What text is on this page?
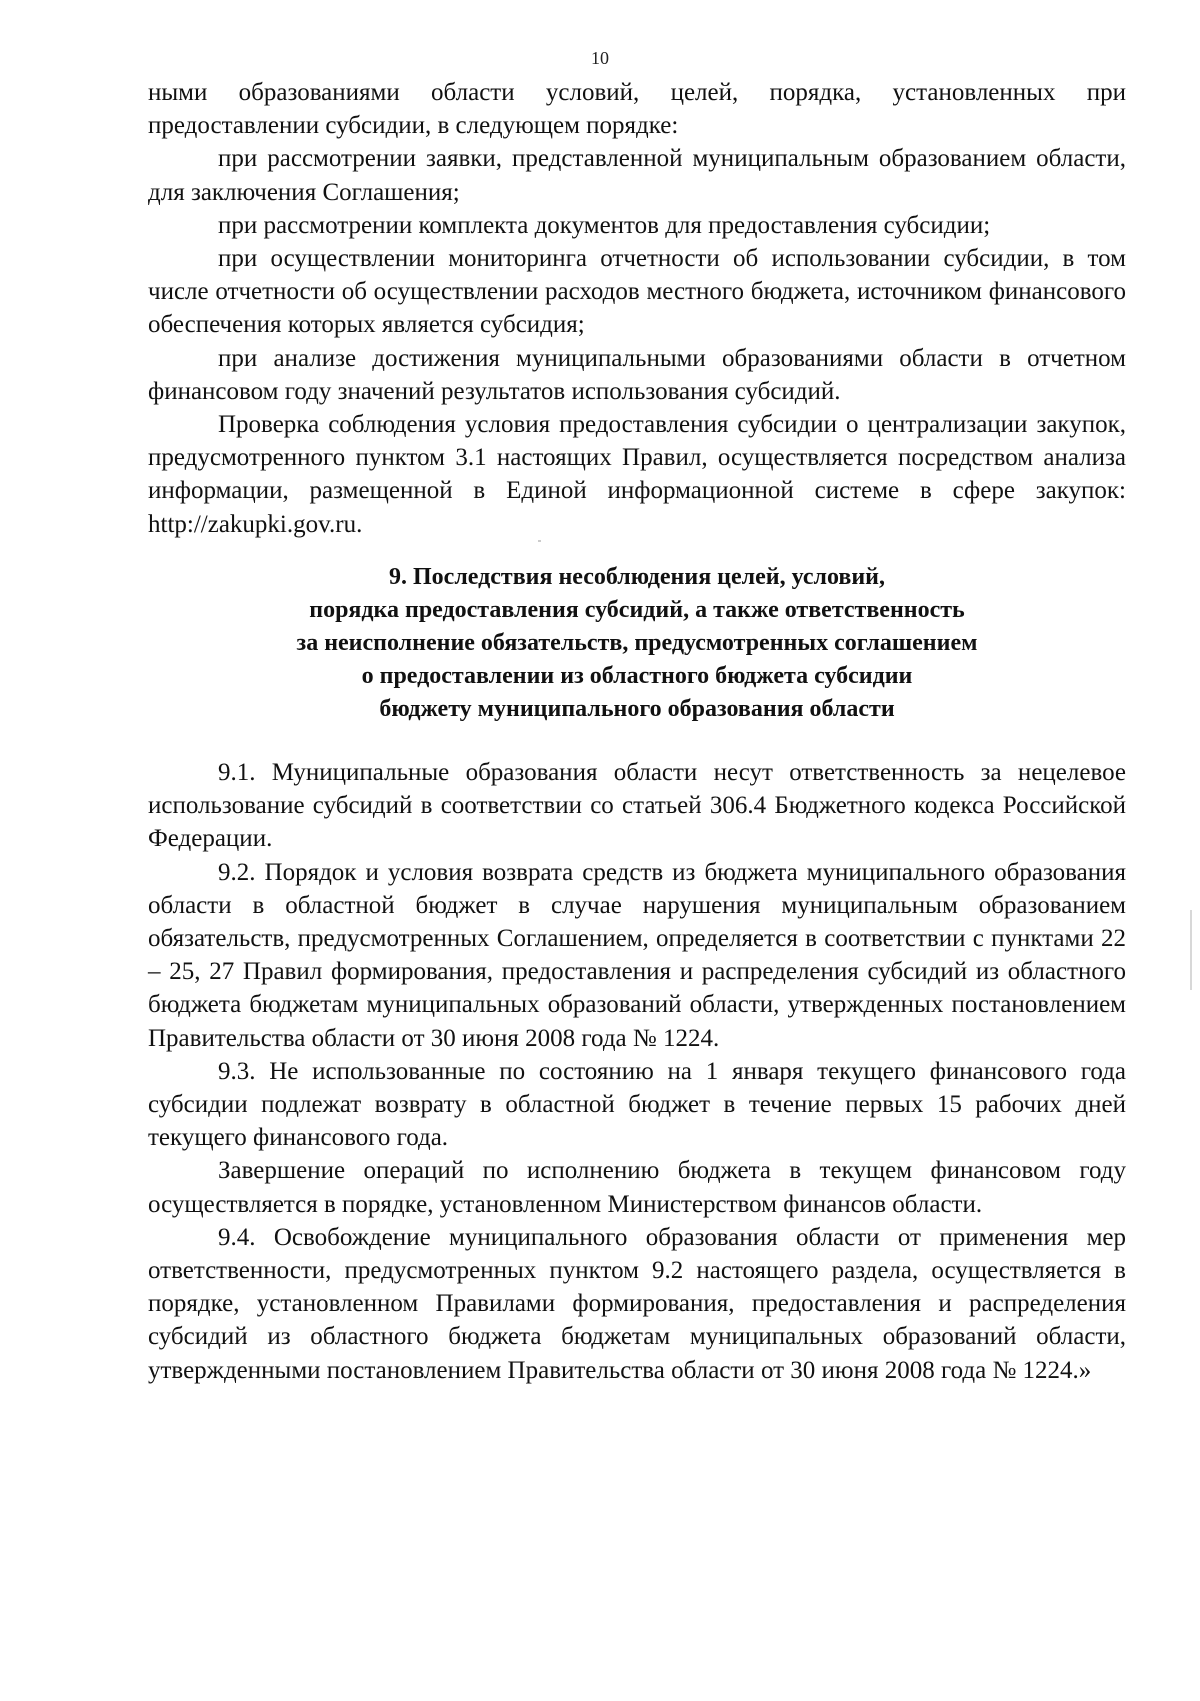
10

ными образованиями области условий, целей, порядка, установленных при предоставлении субсидии, в следующем порядке:

при рассмотрении заявки, представленной муниципальным образованием области, для заключения Соглашения;

при рассмотрении комплекта документов для предоставления субсидии;

при осуществлении мониторинга отчетности об использовании субсидии, в том числе отчетности об осуществлении расходов местного бюджета, источником финансового обеспечения которых является субсидия;

при анализе достижения муниципальными образованиями области в отчетном финансовом году значений результатов использования субсидий.

Проверка соблюдения условия предоставления субсидии о централизации закупок, предусмотренного пунктом 3.1 настоящих Правил, осуществляется посредством анализа информации, размещенной в Единой информационной системе в сфере закупок: http://zakupki.gov.ru.

9. Последствия несоблюдения целей, условий,
порядка предоставления субсидий, а также ответственность
за неисполнение обязательств, предусмотренных соглашением
о предоставлении из областного бюджета субсидии
бюджету муниципального образования области

9.1. Муниципальные образования области несут ответственность за нецелевое использование субсидий в соответствии со статьей 306.4 Бюджетного кодекса Российской Федерации.

9.2. Порядок и условия возврата средств из бюджета муниципального образования области в областной бюджет в случае нарушения муниципальным образованием обязательств, предусмотренных Соглашением, определяется в соответствии с пунктами 22 – 25, 27 Правил формирования, предоставления и распределения субсидий из областного бюджета бюджетам муниципальных образований области, утвержденных постановлением Правительства области от 30 июня 2008 года № 1224.

9.3. Не использованные по состоянию на 1 января текущего финансового года субсидии подлежат возврату в областной бюджет в течение первых 15 рабочих дней текущего финансового года.

Завершение операций по исполнению бюджета в текущем финансовом году осуществляется в порядке, установленном Министерством финансов области.

9.4. Освобождение муниципального образования области от применения мер ответственности, предусмотренных пунктом 9.2 настоящего раздела, осуществляется в порядке, установленном Правилами формирования, предоставления и распределения субсидий из областного бюджета бюджетам муниципальных образований области, утвержденными постановлением Правительства области от 30 июня 2008 года № 1224.»
